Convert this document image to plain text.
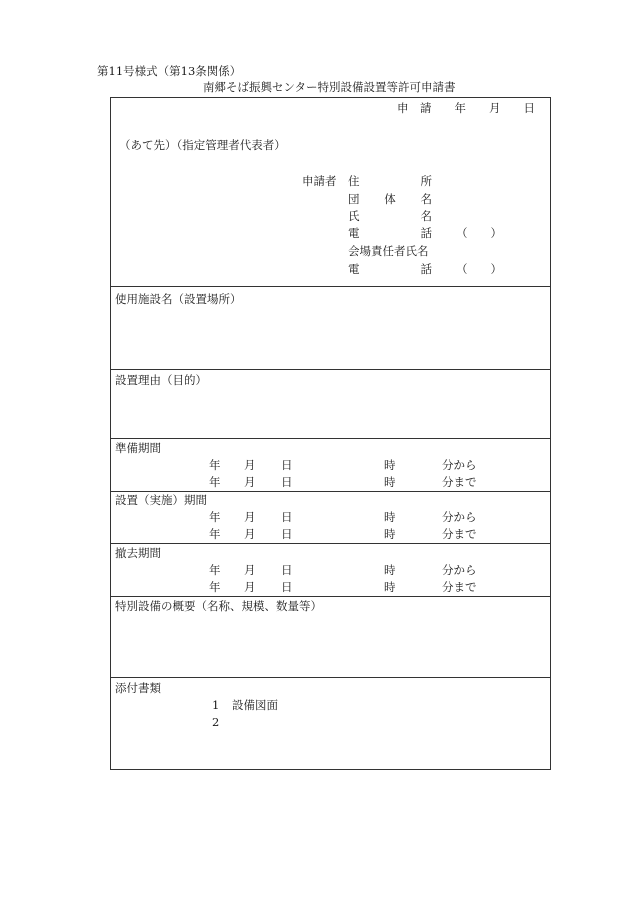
第11号様式（第13条関係）
南郷そば振興センター特別設備設置等許可申請書
申　請　　年　　月　　日
（あて先）（指定管理者代表者）
申請者 住	所
団 体 名
氏	名
電	話 （　　）
会場責任者氏名
電	話 （　　）
使用施設名（設置場所）
設置理由（目的）
準備期間
年 月 日	時	分から
年 月 日	時	分まで
設置（実施）期間
年 月 日	時	分から
年 月 日	時	分まで
撤去期間
年 月 日	時	分から
年 月 日	時	分まで
特別設備の概要（名称、規模、数量等）
添付書類
1 設備図面
2
